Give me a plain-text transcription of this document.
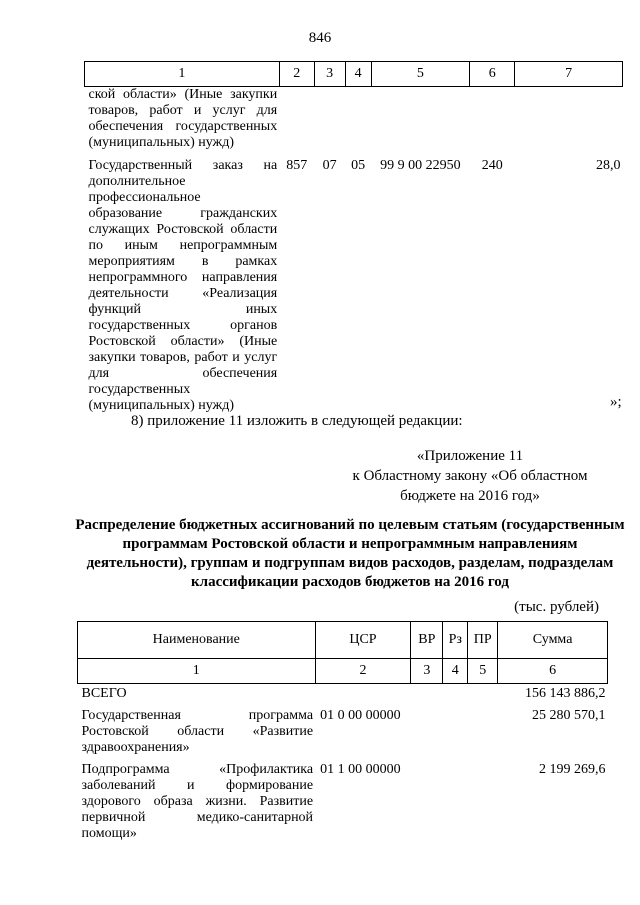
846
1	2	3	4	5	6	7
ской области» (Иные закупки товаров, работ и услуг для обеспечения государственных (муниципальных) нужд)						
Государственный заказ на дополнительное профессиональное образование гражданских служащих Ростовской области по иным непрограммным мероприятиям в рамках непрограммного направления деятельности «Реализация функций иных государственных органов Ростовской области» (Иные закупки товаров, работ и услуг для обеспечения государственных (муниципальных) нужд)	857	07	05	99 9 00 22950	240	28,0
»;
8) приложение 11 изложить в следующей редакции:
«Приложение 11
к Областному закону «Об областном
бюджете на 2016 год»
Распределение бюджетных ассигнований по целевым статьям (государственным программам Ростовской области и непрограммным направлениям деятельности), группам и подгруппам видов расходов, разделам, подразделам классификации расходов бюджетов на 2016 год
(тыс. рублей)
Наименование	ЦСР	ВР	Рз	ПР	Сумма
1	2	3	4	5	6
ВСЕГО					156 143 886,2
Государственная программа Ростовской области «Развитие здравоохранения»	01 0 00 00000				25 280 570,1
Подпрограмма «Профилактика заболеваний и формирование здорового образа жизни. Развитие первичной медико-санитарной помощи»	01 1 00 00000				2 199 269,6
